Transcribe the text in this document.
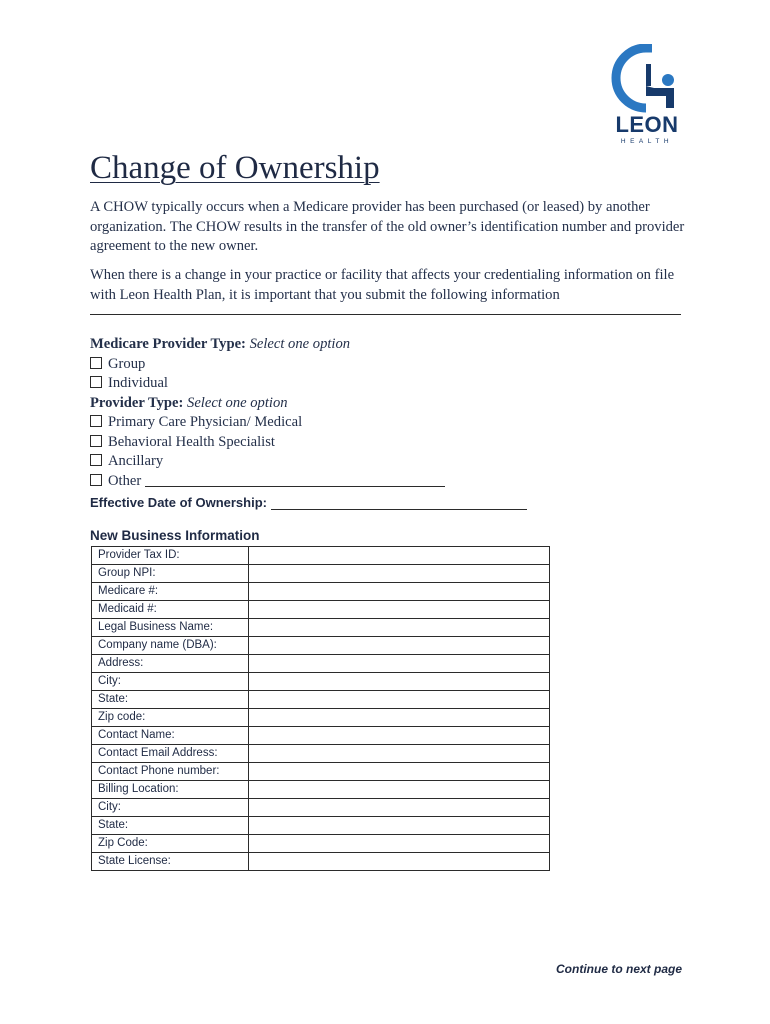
LEON
HEALTH
Change of Ownership
A CHOW typically occurs when a Medicare provider has been purchased (or leased) by another organization. The CHOW results in the transfer of the old owner’s identification number and provider agreement to the new owner.
When there is a change in your practice or facility that affects your credentialing information on file with Leon Health Plan, it is important that you submit the following information
Medicare Provider Type: Select one option
Group
Individual
Provider Type: Select one option
Primary Care Physician/ Medical
Behavioral Health Specialist
Ancillary
Other
Effective Date of Ownership:
New Business Information
Provider Tax ID:	
Group NPI:	
Medicare #:	
Medicaid #:	
Legal Business Name:	
Company name (DBA):	
Address:	
City:	
State:	
Zip code:	
Contact Name:	
Contact Email Address:	
Contact Phone number:	
Billing Location:	
City:	
State:	
Zip Code:	
State License:	
Continue to next page
